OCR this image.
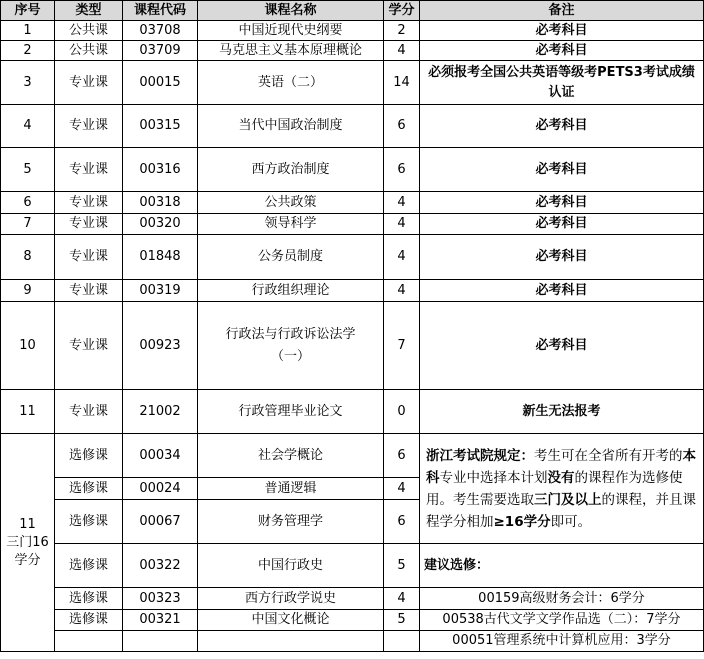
序号	类型	课程代码	课程名称	学分	备注
1	公共课	03708	中国近现代史纲要	2	必考科目
2	公共课	03709	马克思主义基本原理概论	4	必考科目
3	专业课	00015	英语（二）	14	必须报考全国公共英语等级考PETS3考试成绩认证
4	专业课	00315	当代中国政治制度	6	必考科目
5	专业课	00316	西方政治制度	6	必考科目
6	专业课	00318	公共政策	4	必考科目
7	专业课	00320	领导科学	4	必考科目
8	专业课	01848	公务员制度	4	必考科目
9	专业课	00319	行政组织理论	4	必考科目
10	专业课	00923	行政法与行政诉讼法学（一）	7	必考科目
11	专业课	21002	行政管理毕业论文	0	新生无法报考

11
三门16学分	选修课	00034	社会学概论	6	浙江考试院规定：考生可在全省所有开考的本科专业中选择本计划没有的课程作为选修使用。考生需要选取三门及以上的课程，并且课程学分相加≥16学分即可。
	选修课	00024	普通逻辑	4	
	选修课	00067	财务管理学	6	
	选修课	00322	中国行政史	5	建议选修：
	选修课	00323	西方行政学说史	4	00159高级财务会计：6学分
	选修课	00321	中国文化概论	5	00538古代文学文学作品选（二）：7学分
					00051管理系统中计算机应用：3学分
